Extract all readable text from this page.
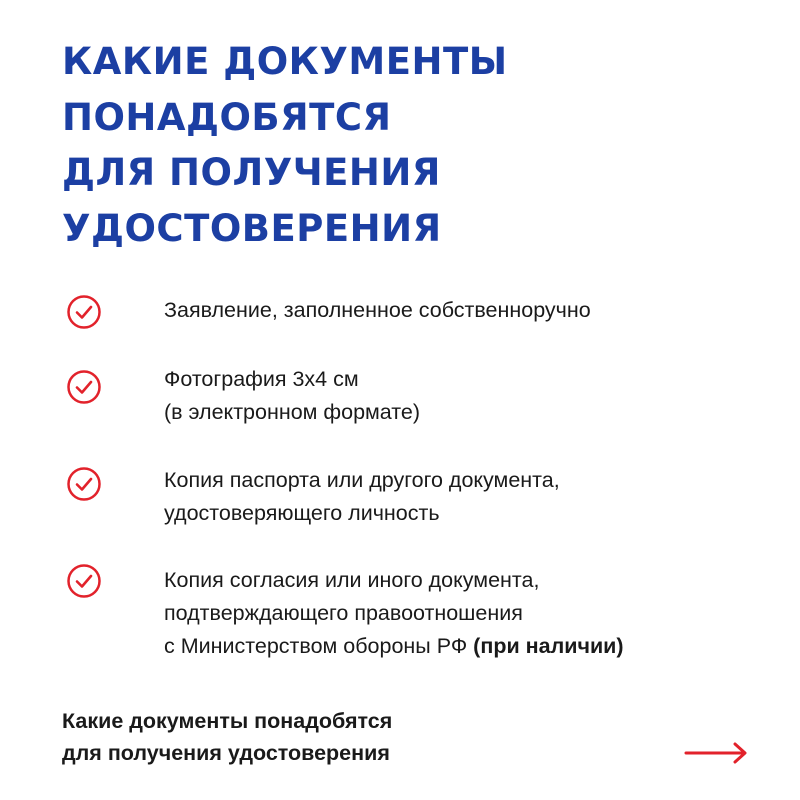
КАКИЕ ДОКУМЕНТЫ
ПОНАДОБЯТСЯ
ДЛЯ ПОЛУЧЕНИЯ
УДОСТОВЕРЕНИЯ

Заявление, заполненное собственноручно

Фотография 3х4 см
(в электронном формате)

Копия паспорта или другого документа,
удостоверяющего личность

Копия согласия или иного документа,
подтверждающего правоотношения
с Министерством обороны РФ (при наличии)

Какие документы понадобятся
для получения удостоверения
